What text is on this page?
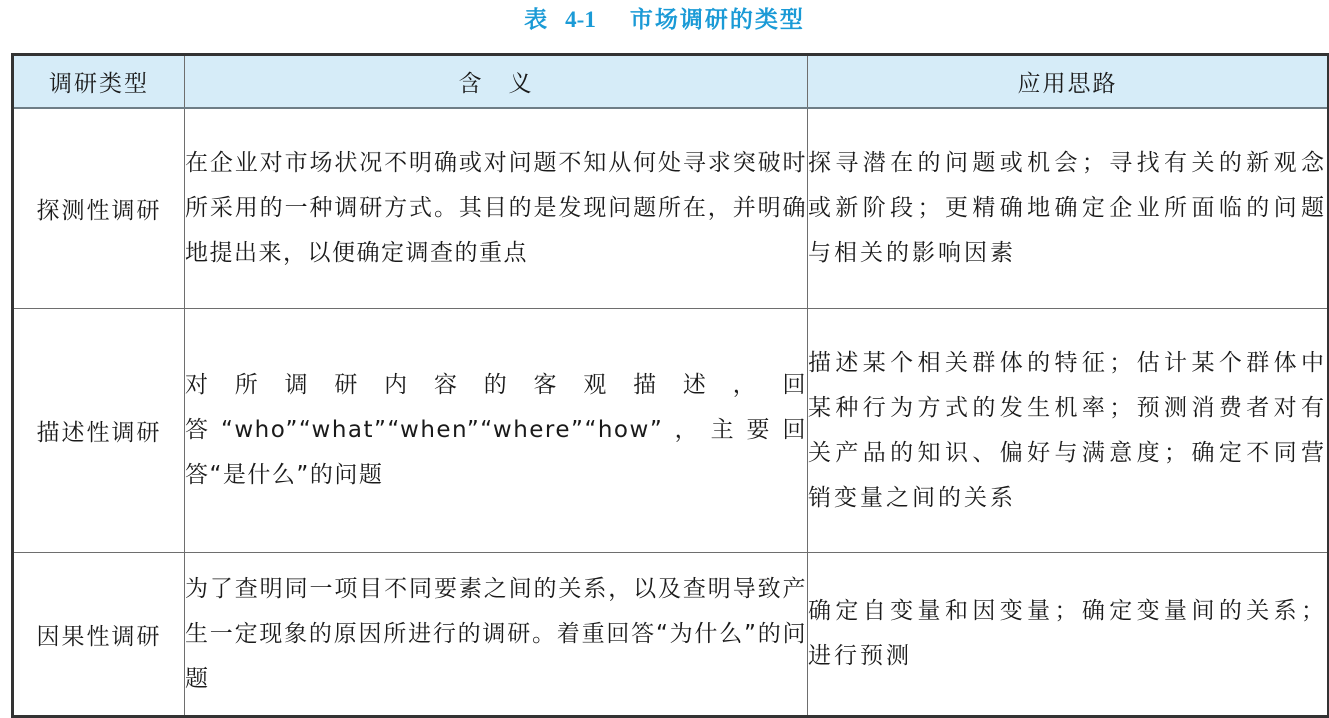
表 4-1 市场调研的类型
调研类型	含　义	应用思路
探测性调研	在企业对市场状况不明确或对问题不知从何处寻求突破时所采用的一种调研方式。其目的是发现问题所在，并明确地提出来，以便确定调查的重点	探寻潜在的问题或机会；寻找有关的新观念或新阶段；更精确地确定企业所面临的问题与相关的影响因素
描述性调研	对所调研内容的客观描述，回答“who”“what”“when”“where”“how”，主要回答“是什么”的问题	描述某个相关群体的特征；估计某个群体中某种行为方式的发生机率；预测消费者对有关产品的知识、偏好与满意度；确定不同营销变量之间的关系
因果性调研	为了查明同一项目不同要素之间的关系，以及查明导致产生一定现象的原因所进行的调研。着重回答“为什么”的问题	确定自变量和因变量；确定变量间的关系；进行预测
